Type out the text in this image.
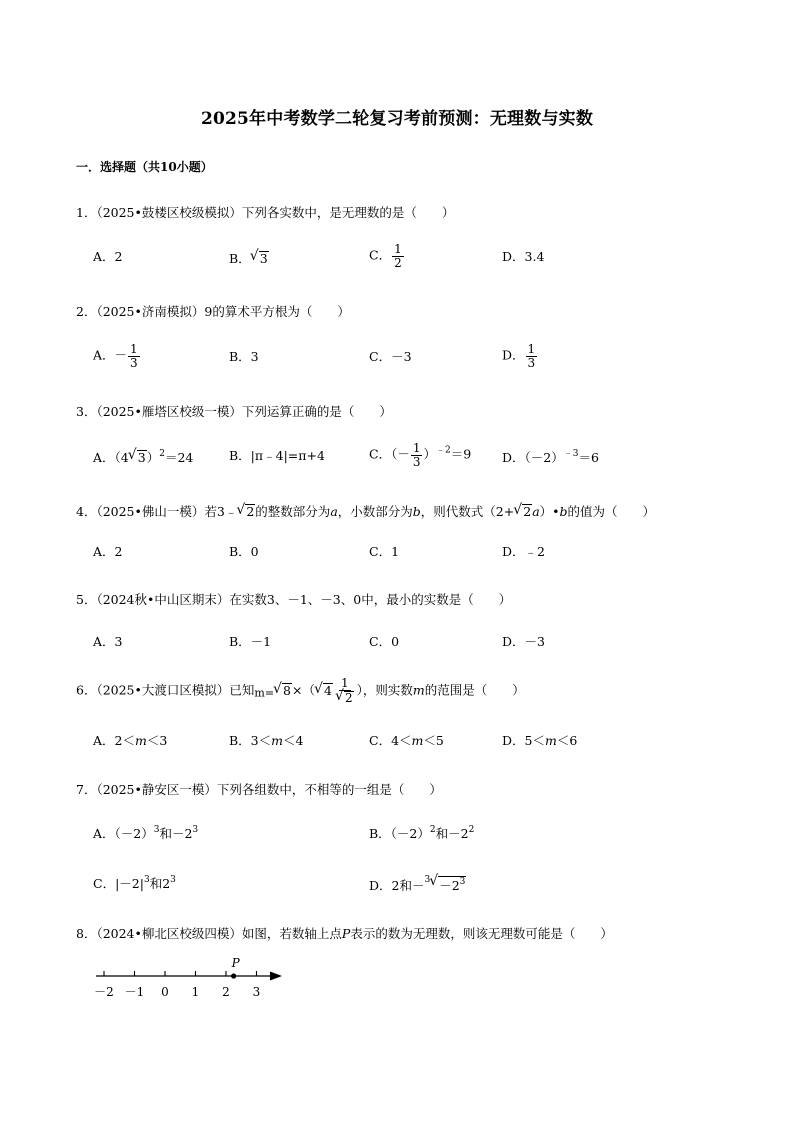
2025年中考数学二轮复习考前预测：无理数与实数
一．选择题（共10小题）
1．（2025•鼓楼区校级模拟）下列各实数中，是无理数的是（　　）
A．2	B．√ 3	C． $\frac{1}{2}$	D．3.4
2．（2025•济南模拟）9的算术平方根为（　　）
A．－ $\frac{1}{3}$	B．3	C．－3	D． $\frac{1}{3}$
3．（2025•雁塔区校级一模）下列运算正确的是（　　）
A．（4√ 3）$^2$＝24	B．|π﹣4|=π+4	C．（－ $\frac{1}{3} )^{﹣2}=9$ D．$(-2)^{﹣3}=6$
4．（2025•佛山一模）若3﹣√ 2的整数部分为a，小数部分为b，则代数式（2+√ 2a）•b的值为（　　）
A．2	B．0	C．1	D．﹣2
5．（2024秋•中山区期末）在实数3、－1、－3、0中，最小的实数是（　　）
A．3	B．－1	C．0	D．－3
6．（2025•大渡口区模拟）已知m=√ 8×（√ 4 1
√ 2 ），则实数m的范围是（　　）
A．2＜m＜3	B．3＜m＜4	C．4＜m＜5	D．5＜m＜6
7．（2025•静安区一模）下列各组数中，不相等的一组是（　　）
A．$(-2)^3$和$-2^3$	B．$(-2)^2$和$-2^2$
C．$|-2|^3$和$2^3$	D．2和$-^3√ -2^3$
8．（2024•柳北区校级四模）如图，若数轴上点P表示的数为无理数，则该无理数可能是（　　）
－2 －1 0 1 2 3
P
